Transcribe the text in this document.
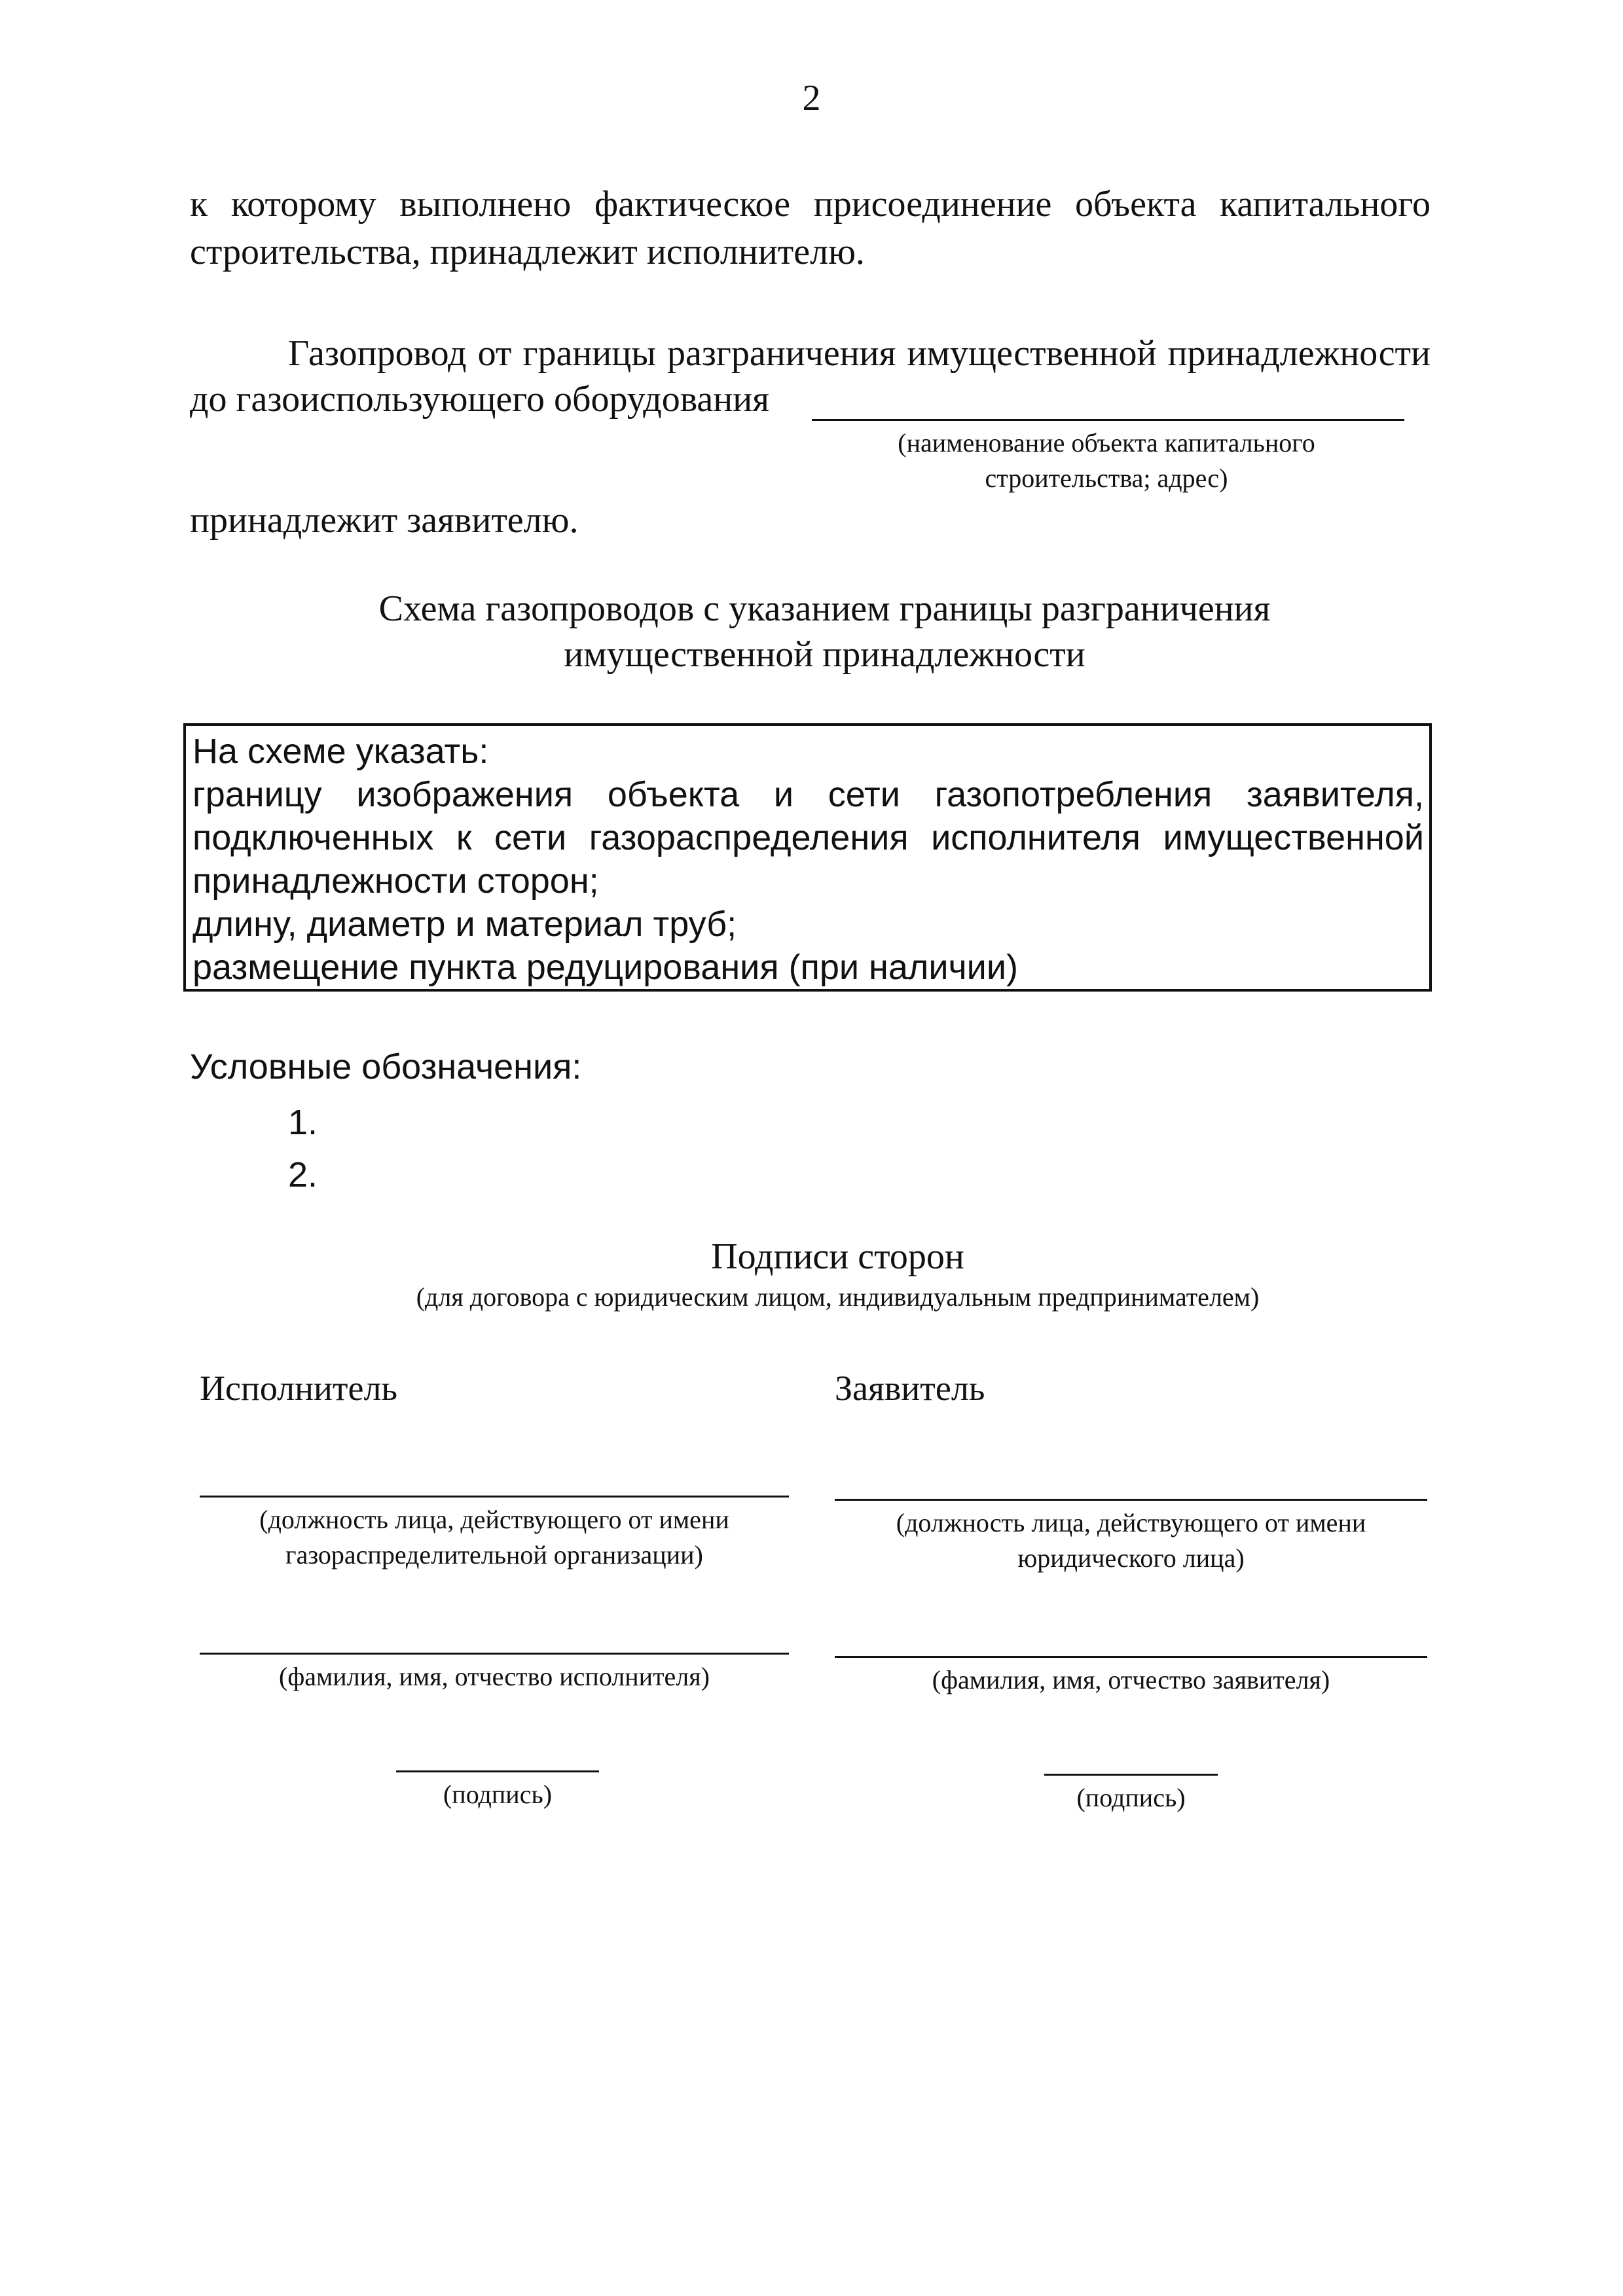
2
к которому выполнено фактическое присоединение объекта капитального
строительства, принадлежит исполнителю.
Газопровод от границы разграничения имущественной принадлежности
до газоиспользующего оборудования
(наименование объекта капитального
строительства; адрес)
принадлежит заявителю.
Схема газопроводов с указанием границы разграничения
имущественной принадлежности
На схеме указать:
границу изображения объекта и сети газопотребления заявителя,
подключенных к сети газораспределения исполнителя имущественной
принадлежности сторон;
длину, диаметр и материал труб;
размещение пункта редуцирования (при наличии)
Условные обозначения:
1.
2.
Подписи сторон
(для договора с юридическим лицом, индивидуальным предпринимателем)
Исполнитель
(должность лица, действующего от имени
газораспределительной организации)
(фамилия, имя, отчество исполнителя)
(подпись)
Заявитель
(должность лица, действующего от имени
юридического лица)
(фамилия, имя, отчество заявителя)
(подпись)
